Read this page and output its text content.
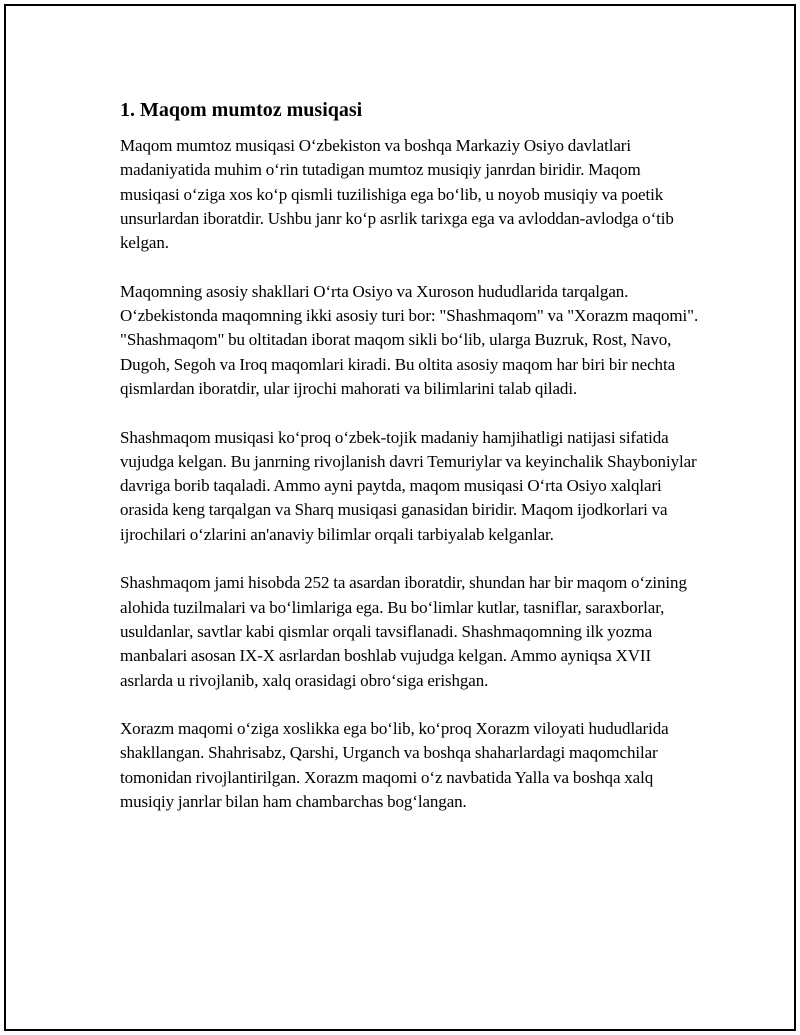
1. Maqom mumtoz musiqasi

Maqom mumtoz musiqasi O‘zbekiston va boshqa Markaziy Osiyo davlatlari madaniyatida muhim o‘rin tutadigan mumtoz musiqiy janrdan biridir. Maqom musiqasi o‘ziga xos ko‘p qismli tuzilishiga ega bo‘lib, u noyob musiqiy va poetik unsurlardan iboratdir. Ushbu janr ko‘p asrlik tarixga ega va avloddan-avlodga o‘tib kelgan.

Maqomning asosiy shakllari O‘rta Osiyo va Xuroson hududlarida tarqalgan. O‘zbekistonda maqomning ikki asosiy turi bor: "Shashmaqom" va "Xorazm maqomi". "Shashmaqom" bu oltitadan iborat maqom sikli bo‘lib, ularga Buzruk, Rost, Navo, Dugoh, Segoh va Iroq maqomlari kiradi. Bu oltita asosiy maqom har biri bir nechta qismlardan iboratdir, ular ijrochi mahorati va bilimlarini talab qiladi.

Shashmaqom musiqasi ko‘proq o‘zbek-tojik madaniy hamjihatligi natijasi sifatida vujudga kelgan. Bu janrning rivojlanish davri Temuriylar va keyinchalik Shayboniylar davriga borib taqaladi. Ammo ayni paytda, maqom musiqasi O‘rta Osiyo xalqlari orasida keng tarqalgan va Sharq musiqasi ganasidan biridir. Maqom ijodkorlari va ijrochilari o‘zlarini an'anaviy bilimlar orqali tarbiyalab kelganlar.

Shashmaqom jami hisobda 252 ta asardan iboratdir, shundan har bir maqom o‘zining alohida tuzilmalari va bo‘limlariga ega. Bu bo‘limlar kutlar, tasniflar, saraxborlar, usuldanlar, savtlar kabi qismlar orqali tavsiflanadi. Shashmaqomning ilk yozma manbalari asosan IX-X asrlardan boshlab vujudga kelgan. Ammo ayniqsa XVII asrlarda u rivojlanib, xalq orasidagi obro‘siga erishgan.

Xorazm maqomi o‘ziga xoslikka ega bo‘lib, ko‘proq Xorazm viloyati hududlarida shakllangan. Shahrisabz, Qarshi, Urganch va boshqa shaharlardagi maqomchilar tomonidan rivojlantirilgan. Xorazm maqomi o‘z navbatida Yalla va boshqa xalq musiqiy janrlar bilan ham chambarchas bog‘langan.
